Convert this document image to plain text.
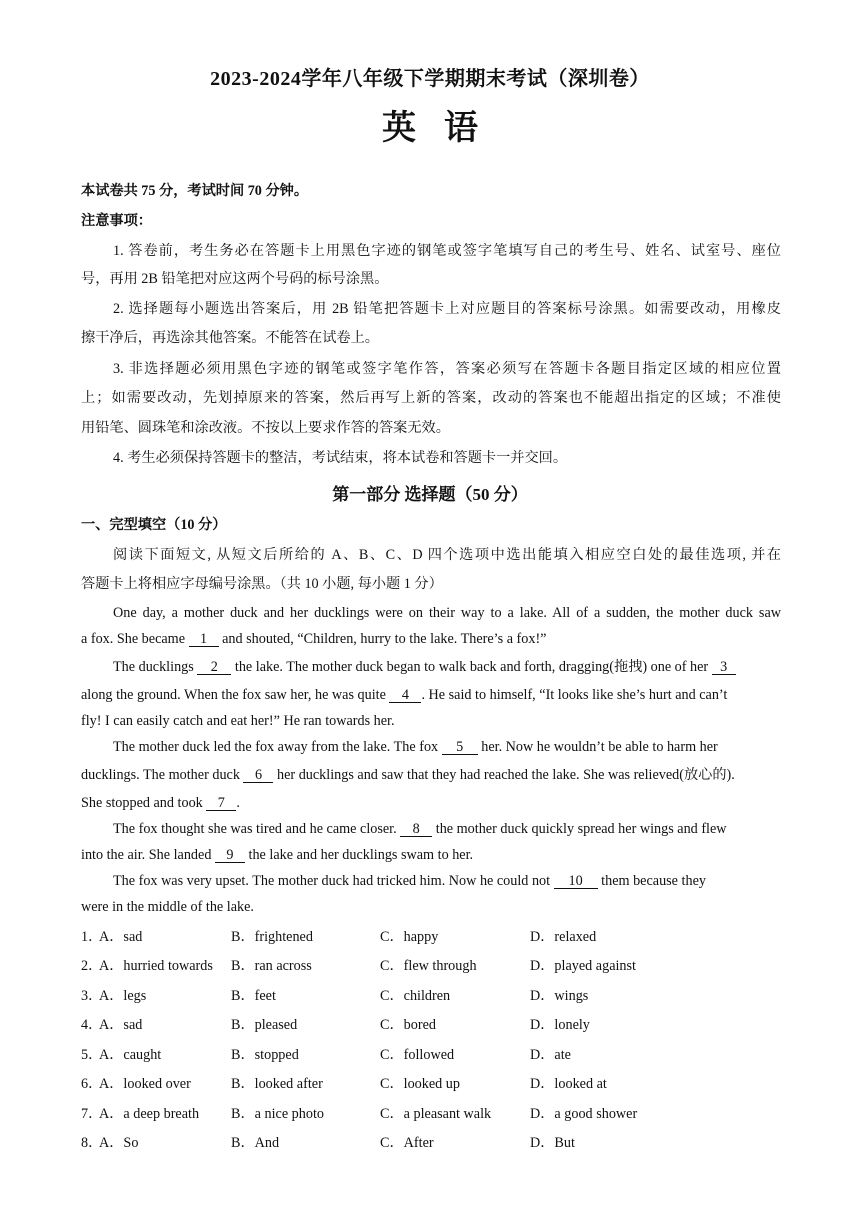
2023-2024学年八年级下学期期末考试（深圳卷）
英语
本试卷共 75 分，考试时间 70 分钟。
注意事项：
1. 答卷前，考生务必在答题卡上用黑色字迹的钢笔或签字笔填写自己的考生号、姓名、试室号、座位
号，再用 2B 铅笔把对应这两个号码的标号涂黑。
2. 选择题每小题选出答案后，用 2B 铅笔把答题卡上对应题目的答案标号涂黑。如需要改动，用橡皮
擦干净后，再选涂其他答案。不能答在试卷上。
3. 非选择题必须用黑色字迹的钢笔或签字笔作答，答案必须写在答题卡各题目指定区域的相应位置
上；如需要改动，先划掉原来的答案，然后再写上新的答案，改动的答案也不能超出指定的区域；不准使
用铅笔、圆珠笔和涂改液。不按以上要求作答的答案无效。
4. 考生必须保持答题卡的整洁，考试结束，将本试卷和答题卡一并交回。
第一部分 选择题（50 分）
一、完型填空（10 分）
阅读下面短文, 从短文后所给的 A、B、C、D 四个选项中选出能填入相应空白处的最佳选项, 并在
答题卡上将相应字母编号涂黑。（共 10 小题, 每小题 1 分）
One day, a mother duck and her ducklings were on their way to a lake. All of a sudden, the mother duck saw
a fox. She became 1 and shouted, “Children, hurry to the lake. There’s a fox!”
The ducklings 2 the lake. The mother duck began to walk back and forth, dragging(拖拽) one of her 3
along the ground. When the fox saw her, he was quite 4 . He said to himself, “It looks like she’s hurt and can’t
fly! I can easily catch and eat her!” He ran towards her.
The mother duck led the fox away from the lake. The fox 5 her. Now he wouldn’t be able to harm her
ducklings. The mother duck 6 her ducklings and saw that they had reached the lake. She was relieved(放心的).
She stopped and took 7 .
The fox thought she was tired and he came closer. 8 the mother duck quickly spread her wings and flew
into the air. She landed 9 the lake and her ducklings swam to her.
The fox was very upset. The mother duck had tricked him. Now he could not 10 them because they
were in the middle of the lake.
1．
A．sad	B．frightened	C．happy	D．relaxed
2．
A．hurried towards B．ran across	C．flew through	D．played against
3．
A．legs	B．feet	C．children	D．wings
4．
A．sad	B．pleased	C．bored	D．lonely
5．
A．caught	B．stopped	C．followed	D．ate
6．
A．looked over	B．looked after	C．looked up	D．looked at
7．
A．a deep breath B．a nice photo	C．a pleasant walk	D．a good shower
8．
A．So	B．And	C．After	D．But
